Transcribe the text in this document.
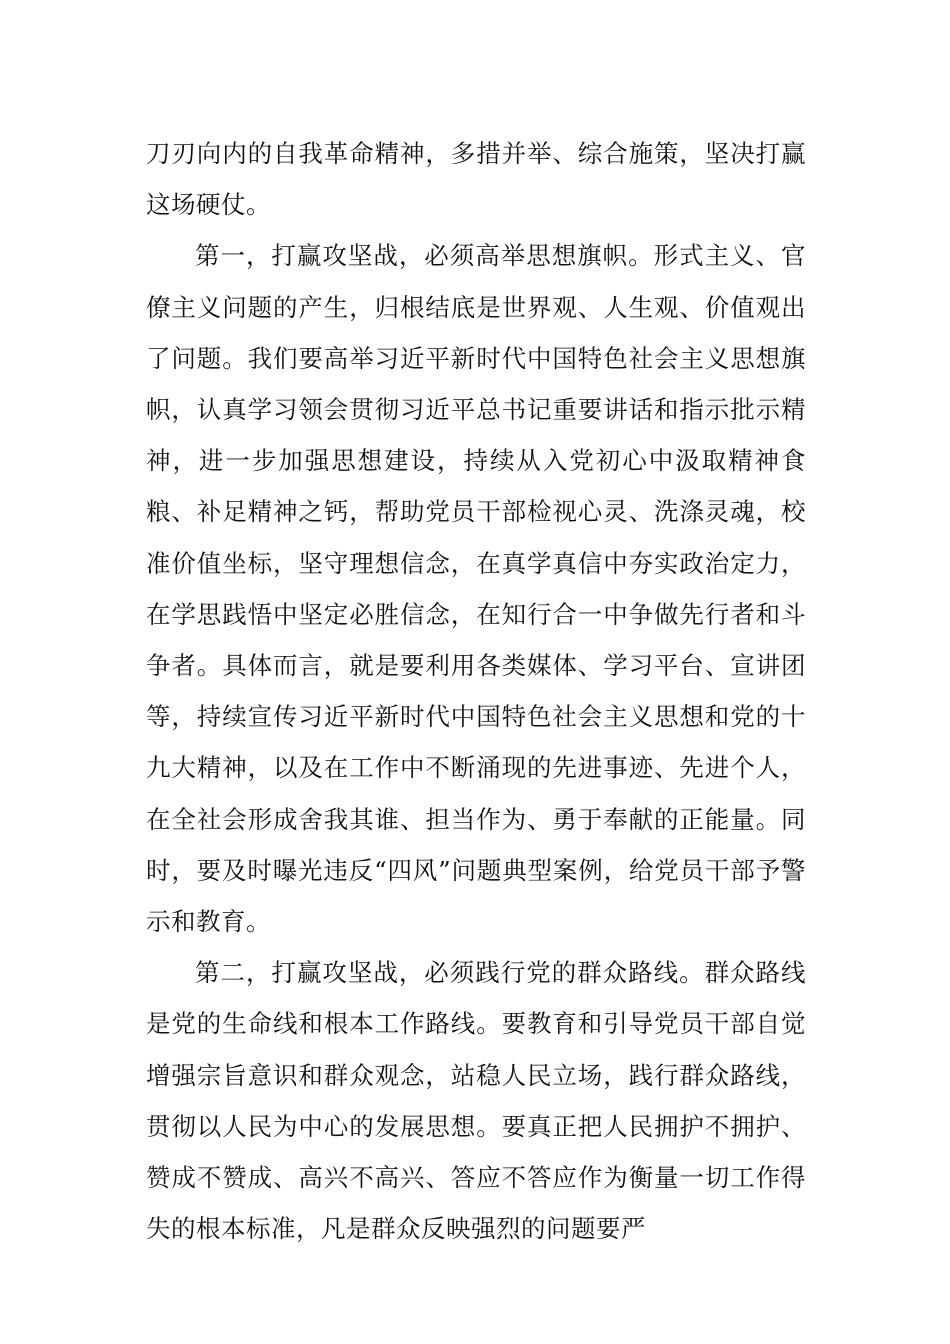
刀刃向内的自我革命精神，多措并举、综合施策，坚决打赢这场硬仗。

第一，打赢攻坚战，必须高举思想旗帜。形式主义、官僚主义问题的产生，归根结底是世界观、人生观、价值观出了问题。我们要高举习近平新时代中国特色社会主义思想旗帜，认真学习领会贯彻习近平总书记重要讲话和指示批示精神，进一步加强思想建设，持续从入党初心中汲取精神食粮、补足精神之钙，帮助党员干部检视心灵、洗涤灵魂，校准价值坐标，坚守理想信念，在真学真信中夯实政治定力，在学思践悟中坚定必胜信念，在知行合一中争做先行者和斗争者。具体而言，就是要利用各类媒体、学习平台、宣讲团等，持续宣传习近平新时代中国特色社会主义思想和党的十九大精神，以及在工作中不断涌现的先进事迹、先进个人，在全社会形成舍我其谁、担当作为、勇于奉献的正能量。同时，要及时曝光违反“四风”问题典型案例，给党员干部予警示和教育。

第二，打赢攻坚战，必须践行党的群众路线。群众路线是党的生命线和根本工作路线。要教育和引导党员干部自觉增强宗旨意识和群众观念，站稳人民立场，践行群众路线，贯彻以人民为中心的发展思想。要真正把人民拥护不拥护、赞成不赞成、高兴不高兴、答应不答应作为衡量一切工作得失的根本标准，凡是群众反映强烈的问题要严
